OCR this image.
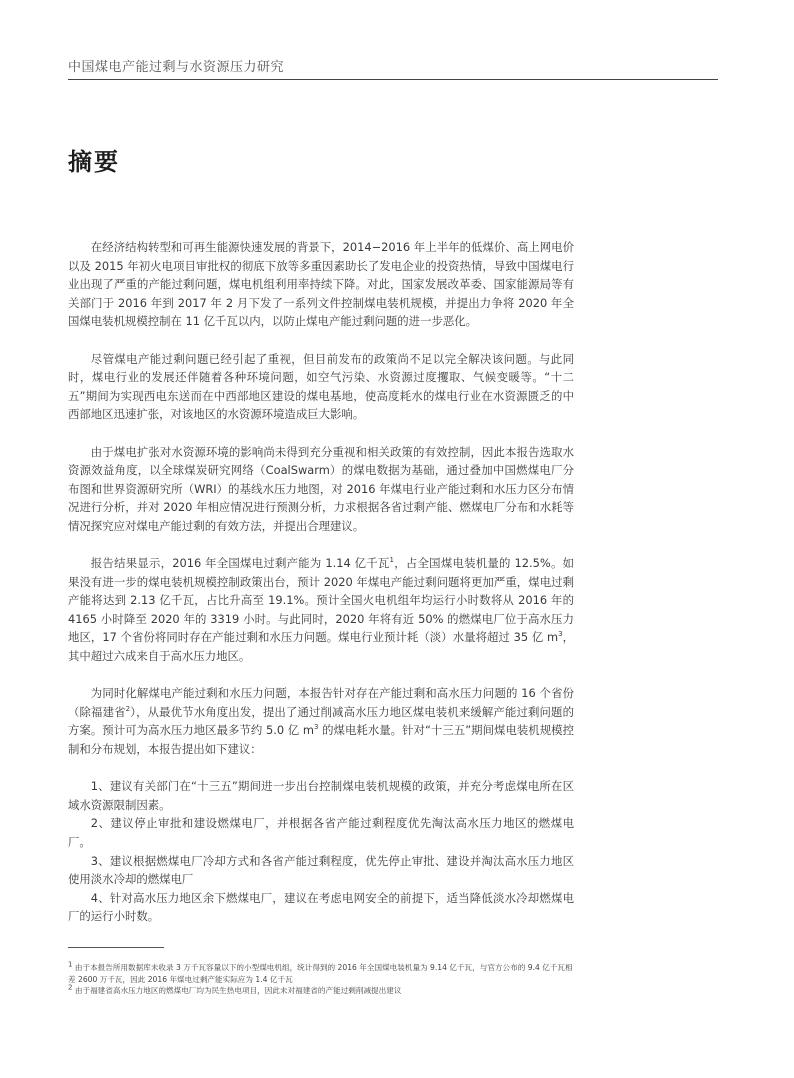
中国煤电产能过剩与水资源压力研究
摘要

在经济结构转型和可再生能源快速发展的背景下，2014−2016 年上半年的低煤价、高上网电价以及 2015 年初火电项目审批权的彻底下放等多重因素助长了发电企业的投资热情，导致中国煤电行业出现了严重的产能过剩问题，煤电机组利用率持续下降。对此，国家发展改革委、国家能源局等有关部门于 2016 年到 2017 年 2 月下发了一系列文件控制煤电装机规模，并提出力争将 2020 年全国煤电装机规模控制在 11 亿千瓦以内，以防止煤电产能过剩问题的进一步恶化。

尽管煤电产能过剩问题已经引起了重视，但目前发布的政策尚不足以完全解决该问题。与此同时，煤电行业的发展还伴随着各种环境问题，如空气污染、水资源过度攫取、气候变暖等。“十二五”期间为实现西电东送而在中西部地区建设的煤电基地，使高度耗水的煤电行业在水资源匮乏的中西部地区迅速扩张，对该地区的水资源环境造成巨大影响。

由于煤电扩张对水资源环境的影响尚未得到充分重视和相关政策的有效控制，因此本报告选取水资源效益角度，以全球煤炭研究网络（CoalSwarm）的煤电数据为基础，通过叠加中国燃煤电厂分布图和世界资源研究所（WRI）的基线水压力地图，对 2016 年煤电行业产能过剩和水压力区分布情况进行分析，并对 2020 年相应情况进行预测分析，力求根据各省过剩产能、燃煤电厂分布和水耗等情况探究应对煤电产能过剩的有效方法，并提出合理建议。

报告结果显示，2016 年全国煤电过剩产能为 1.14 亿千瓦$^1$，占全国煤电装机量的 12.5%。如果没有进一步的煤电装机规模控制政策出台，预计 2020 年煤电产能过剩问题将更加严重，煤电过剩产能将达到 2.13 亿千瓦，占比升高至 19.1%。预计全国火电机组年均运行小时数将从 2016 年的 4165 小时降至 2020 年的 3319 小时。与此同时，2020 年将有近 50% 的燃煤电厂位于高水压力地区，17 个省份将同时存在产能过剩和水压力问题。煤电行业预计耗（淡）水量将超过 35 亿 $m^3$，其中超过六成来自于高水压力地区。

为同时化解煤电产能过剩和水压力问题，本报告针对存在产能过剩和高水压力问题的 16 个省份（除福建省$^2$），从最优节水角度出发，提出了通过削减高水压力地区煤电装机来缓解产能过剩问题的方案。预计可为高水压力地区最多节约 5.0 亿 $m^3$ 的煤电耗水量。针对“十三五”期间煤电装机规模控制和分布规划，本报告提出如下建议：

1、建议有关部门在“十三五”期间进一步出台控制煤电装机规模的政策，并充分考虑煤电所在区域水资源限制因素。

2、建议停止审批和建设燃煤电厂，并根据各省产能过剩程度优先淘汰高水压力地区的燃煤电厂。

3、建议根据燃煤电厂冷却方式和各省产能过剩程度，优先停止审批、建设并淘汰高水压力地区使用淡水冷却的燃煤电厂

4、针对高水压力地区余下燃煤电厂，建议在考虑电网安全的前提下，适当降低淡水冷却燃煤电厂的运行小时数。

$^1$ 由于本报告所用数据库未收录 3 万千瓦容量以下的小型煤电机组，统计得到的 2016 年全国煤电装机量为 9.14 亿千瓦，与官方公布的 9.4 亿千瓦相差 2600 万千瓦，因此 2016 年煤电过剩产能实际应为 1.4 亿千瓦

$^2$ 由于福建省高水压力地区的燃煤电厂均为民生热电项目，因此未对福建省的产能过剩削减提出建议
